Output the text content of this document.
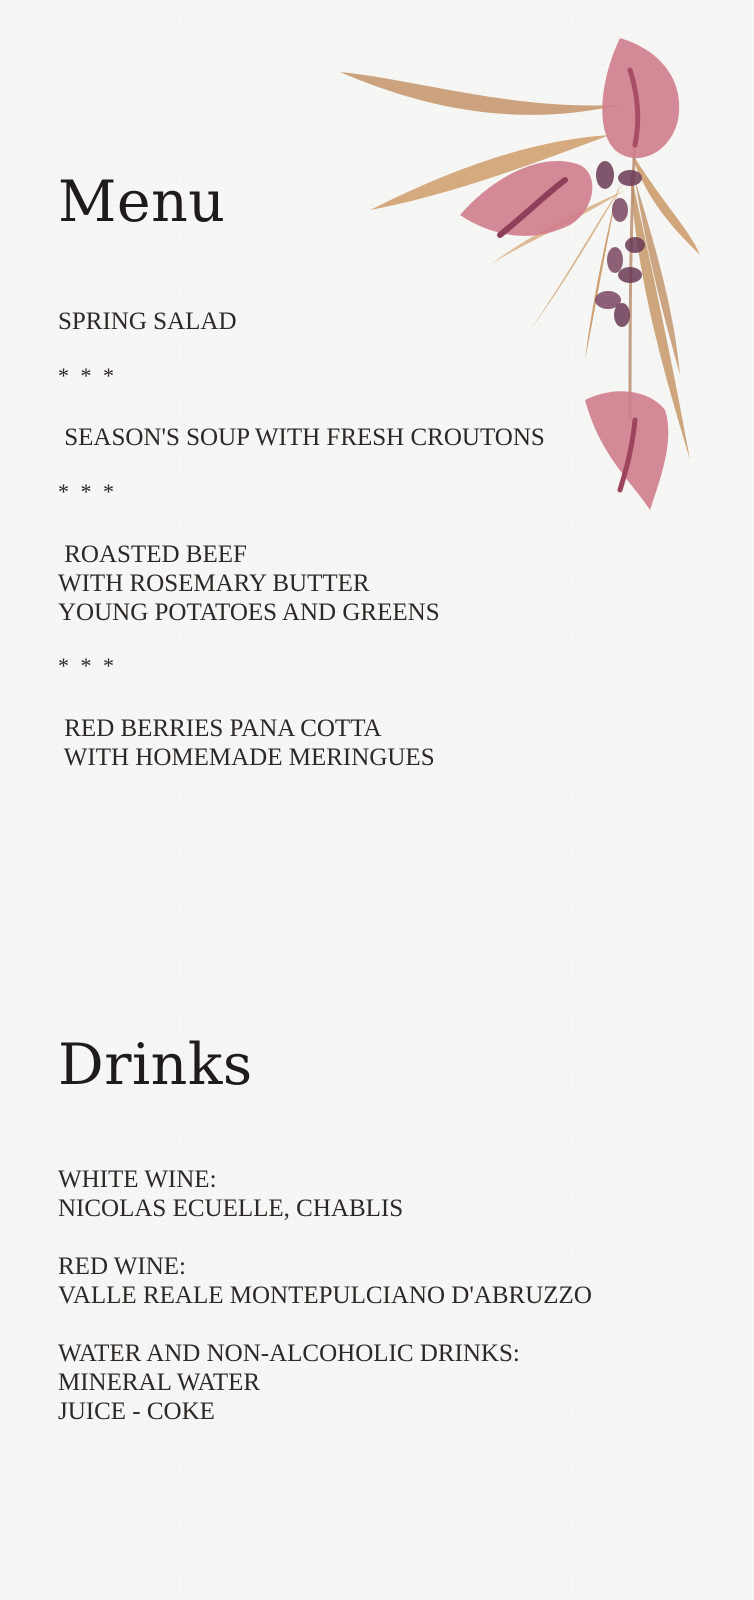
Menu
SPRING SALAD
* * *
SEASON'S SOUP WITH FRESH CROUTONS
* * *
ROASTED BEEF
WITH ROSEMARY BUTTER
YOUNG POTATOES AND GREENS
* * *
RED BERRIES PANA COTTA
WITH HOMEMADE MERINGUES
Drinks
WHITE WINE:
NICOLAS ECUELLE, CHABLIS
RED WINE:
VALLE REALE MONTEPULCIANO D'ABRUZZO
WATER AND NON-ALCOHOLIC DRINKS:
MINERAL WATER
JUICE - COKE
